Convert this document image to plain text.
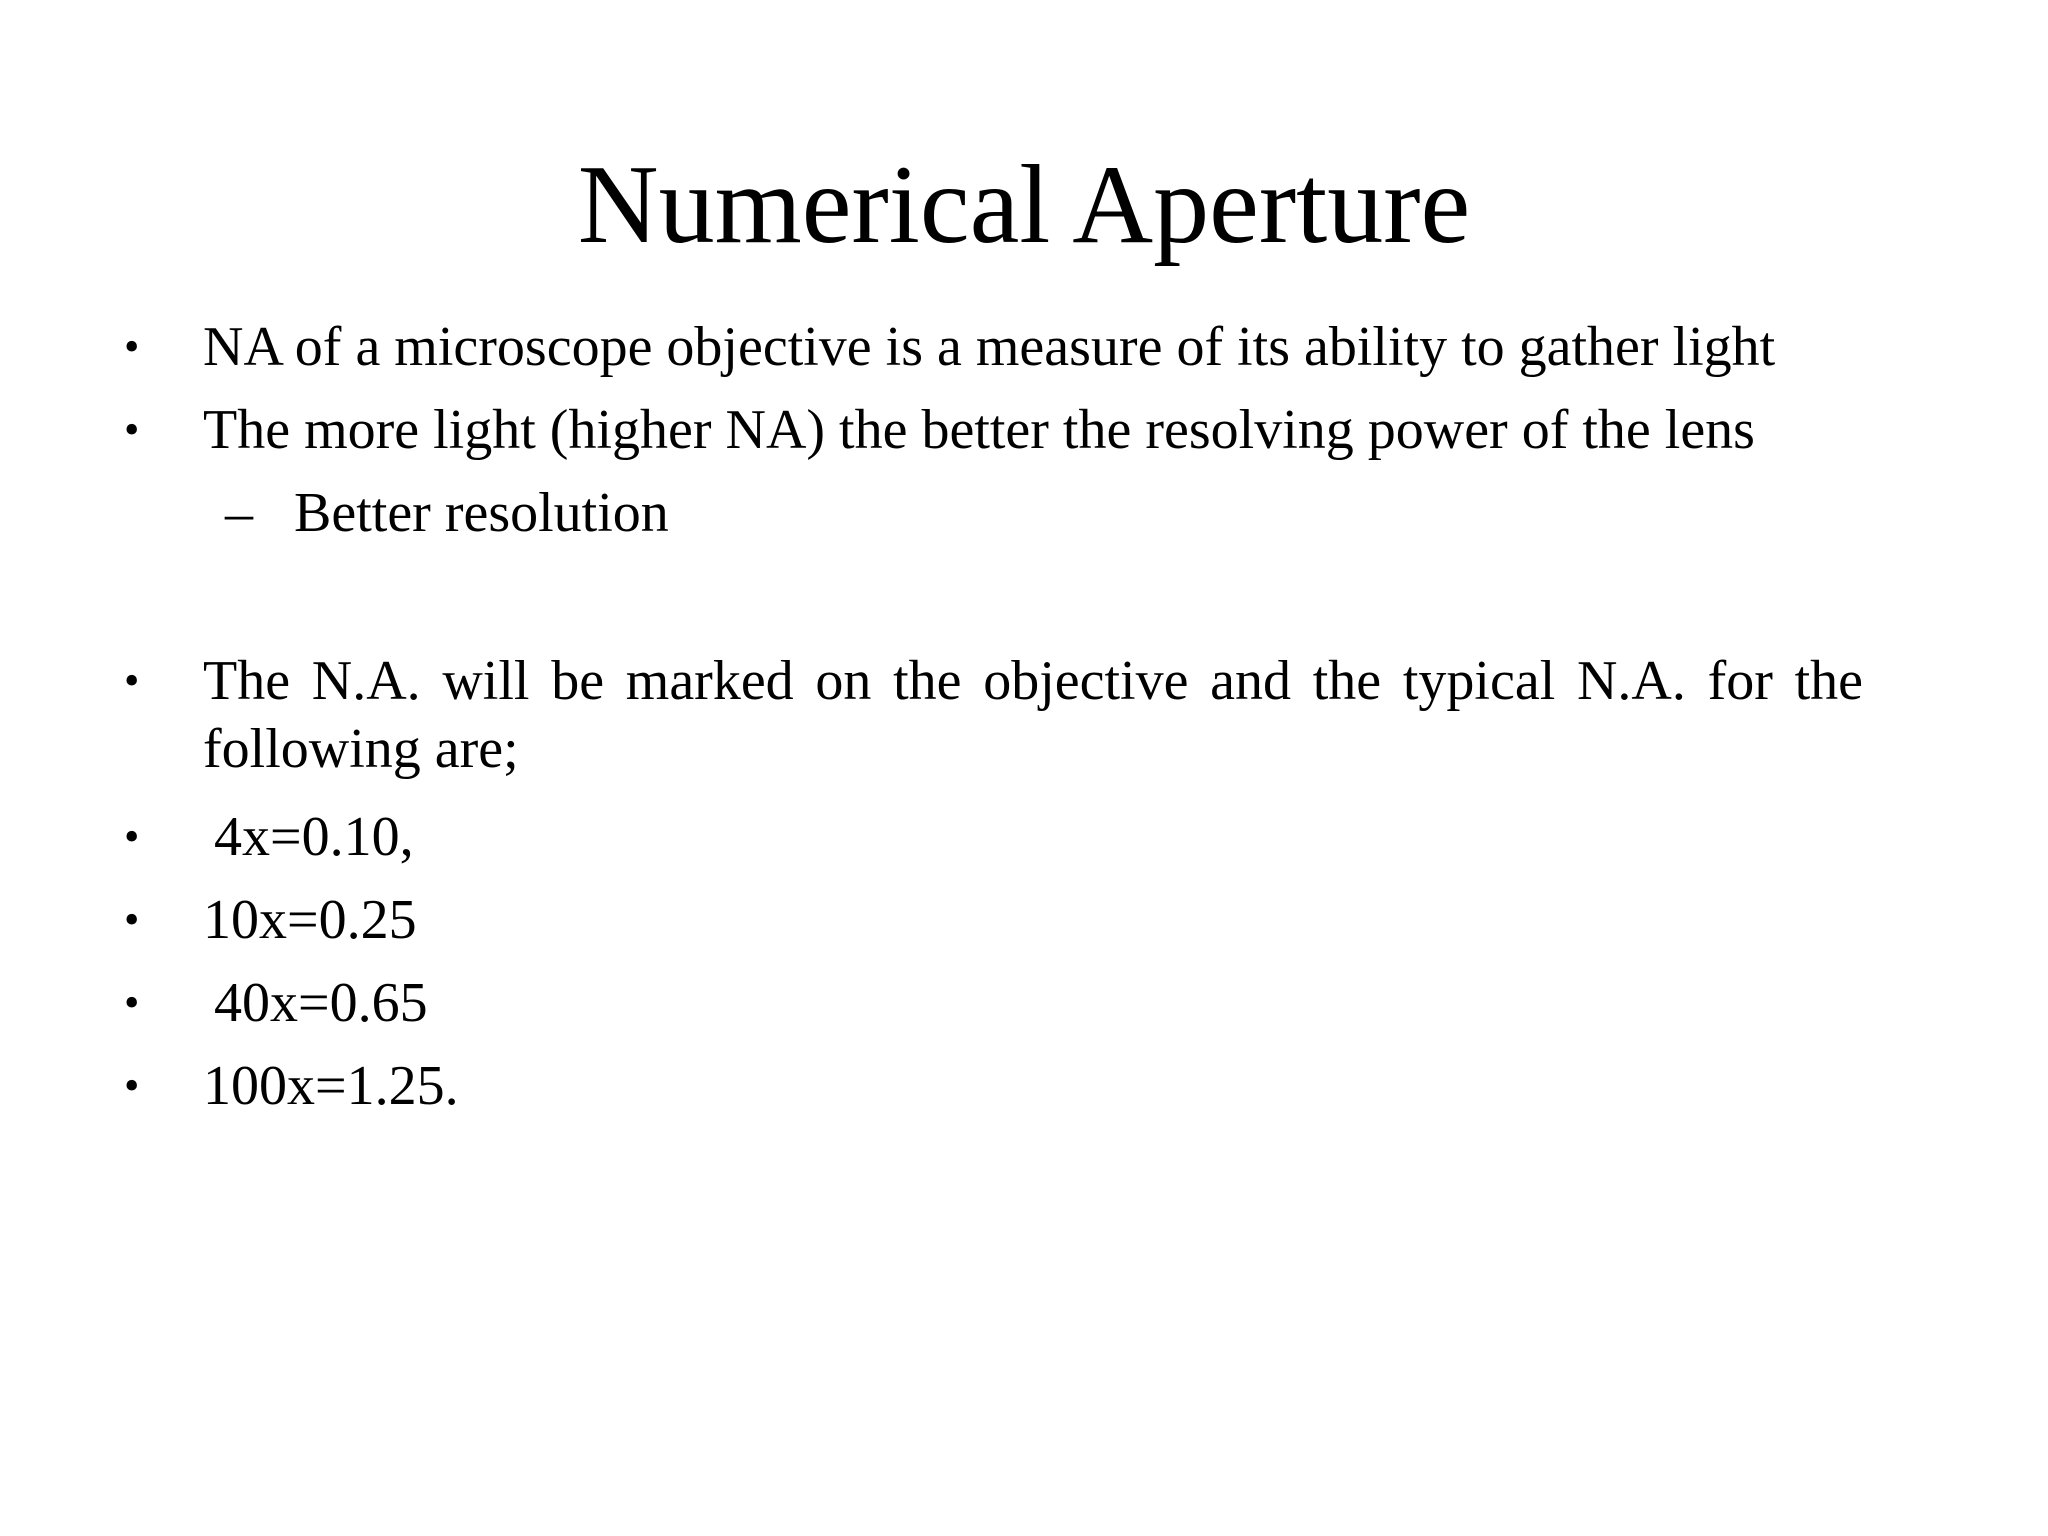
Numerical Aperture
• NA of a microscope objective is a measure of its ability to gather light
• The more light (higher NA) the better the resolving power of the lens
– Better resolution
• The N.A. will be marked on the objective and the typical N.A. for the following are;
• 4x=0.10,
• 10x=0.25
• 40x=0.65
• 100x=1.25.
